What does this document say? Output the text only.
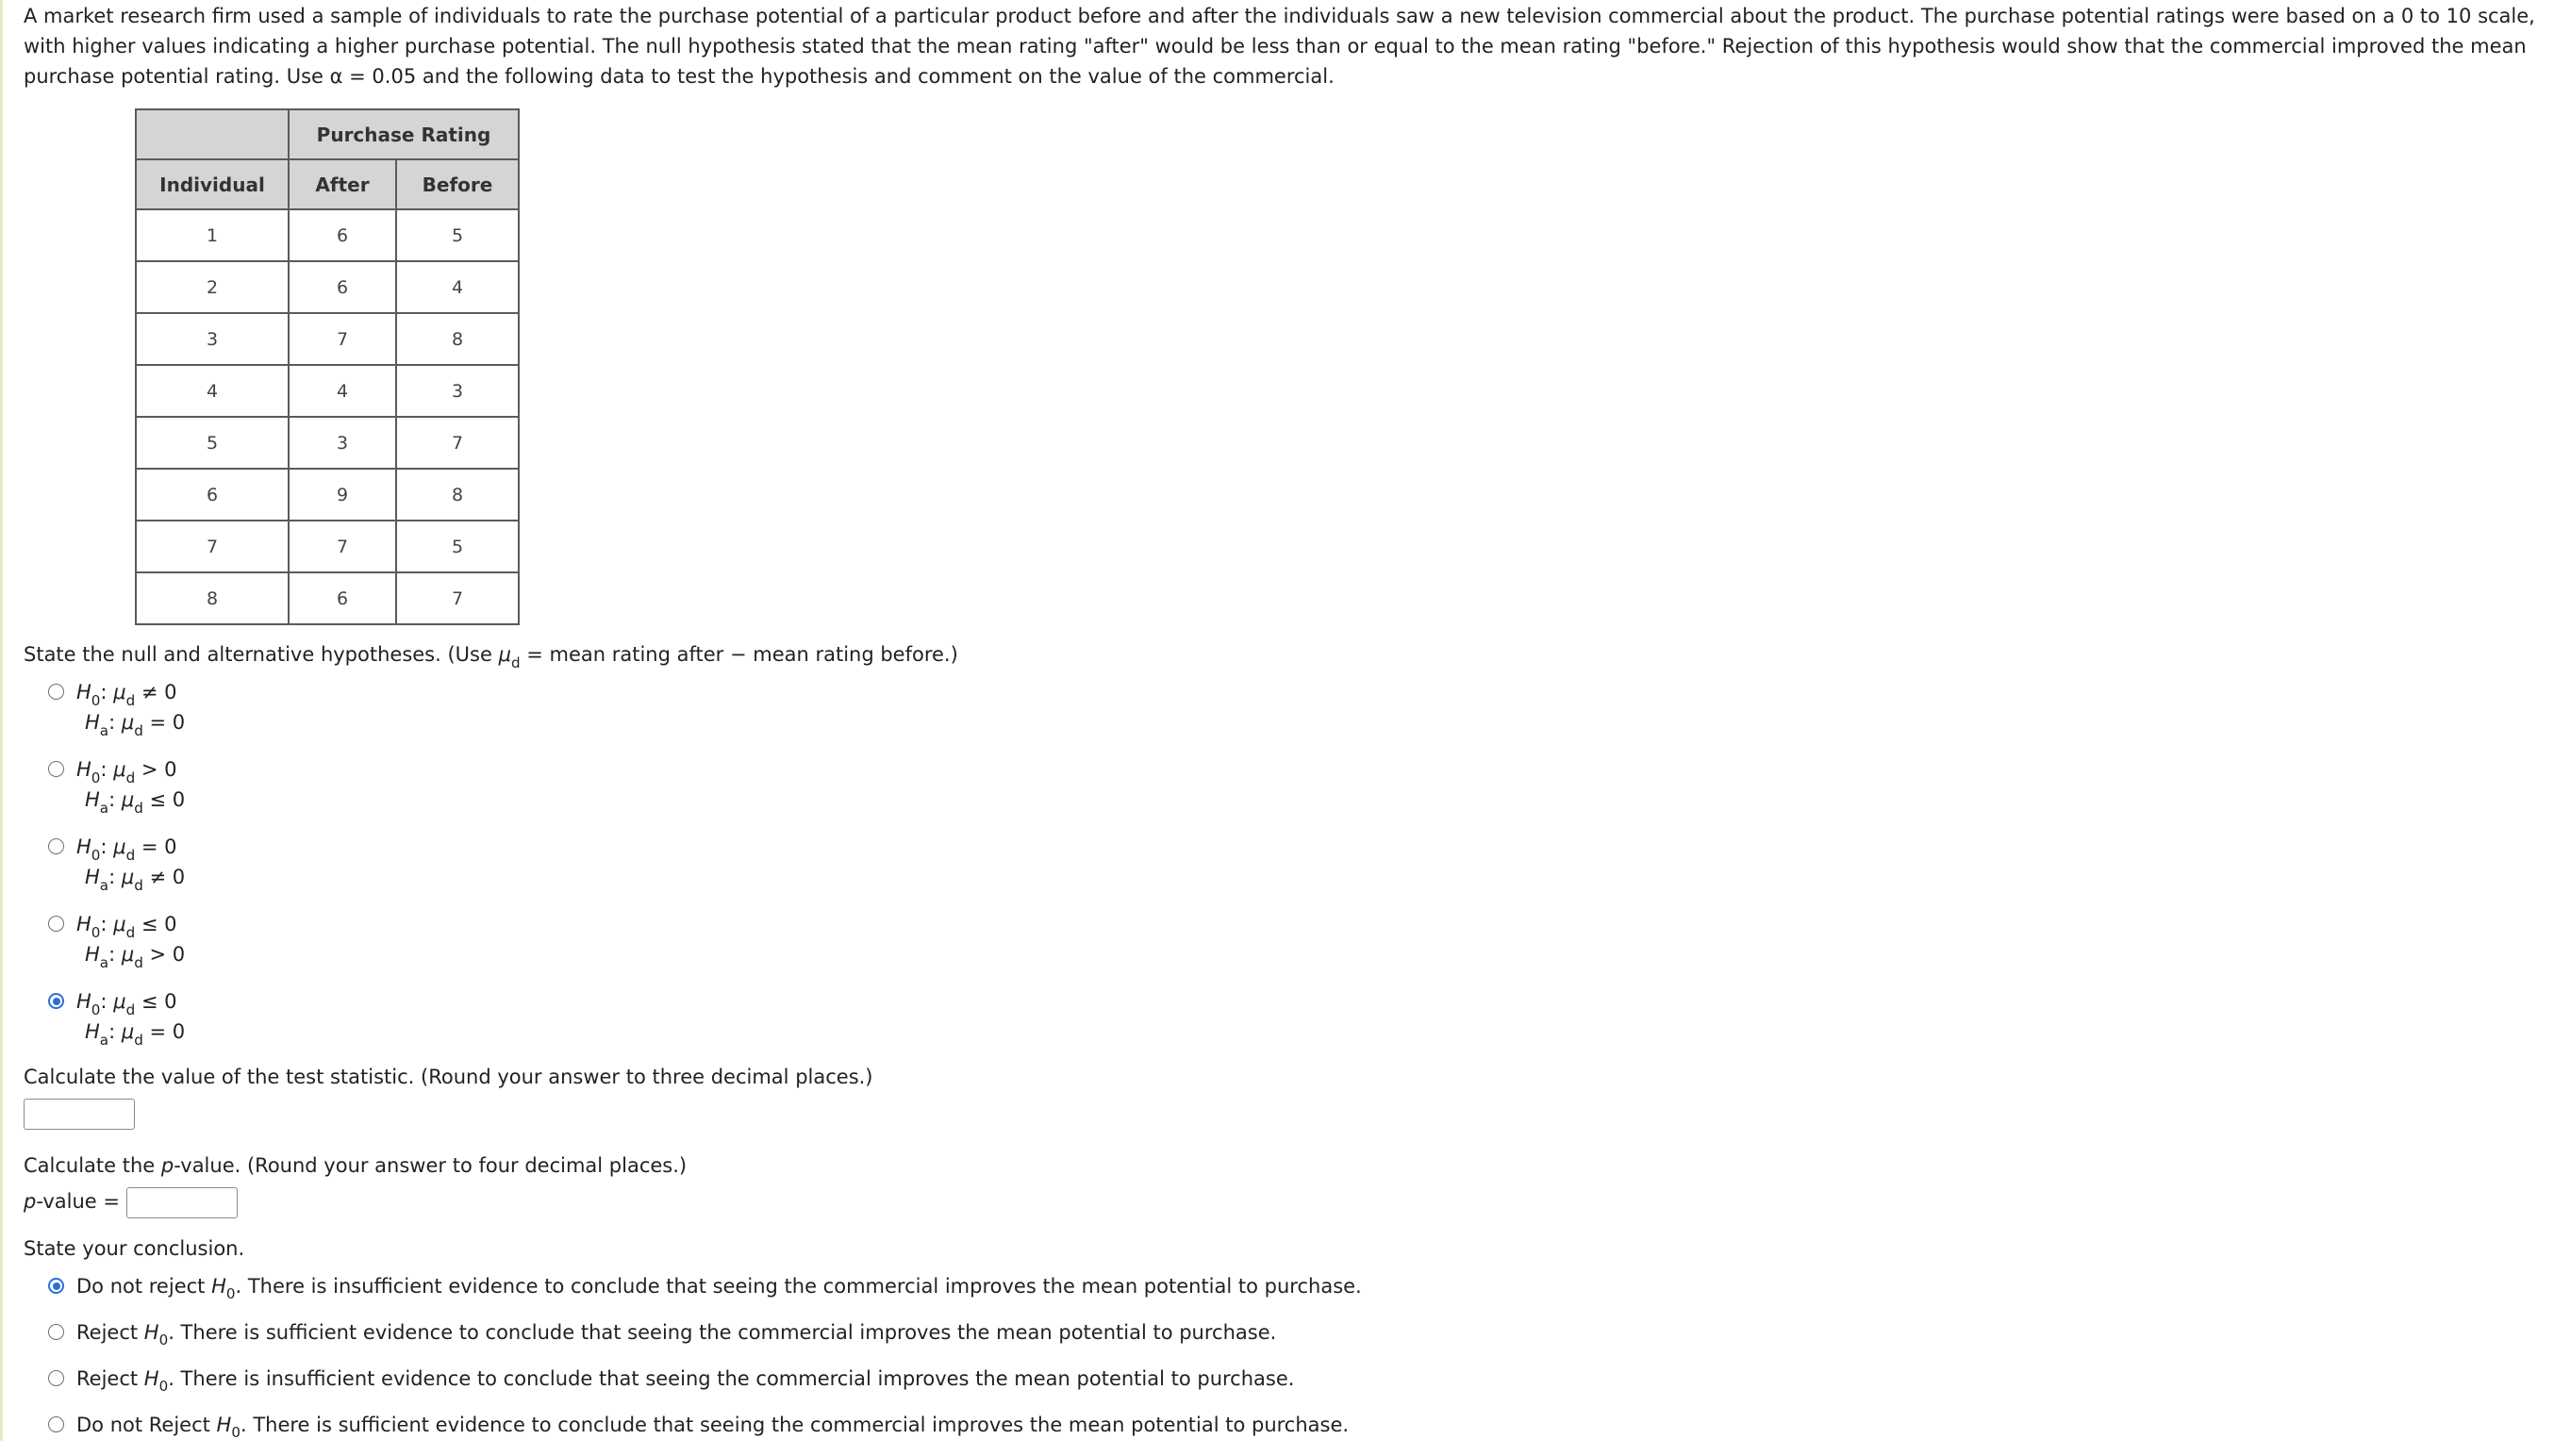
A market research firm used a sample of individuals to rate the purchase potential of a particular product before and after the individuals saw a new television commercial about the product. The purchase potential ratings were based on a 0 to 10 scale, with higher values indicating a higher purchase potential. The null hypothesis stated that the mean rating "after" would be less than or equal to the mean rating "before." Rejection of this hypothesis would show that the commercial improved the mean purchase potential rating. Use α = 0.05 and the following data to test the hypothesis and comment on the value of the commercial.

	Purchase Rating	
Individual	After	Before
1	6	5
2	6	4
3	7	8
4	4	3
5	3	7
6	9	8
7	7	5
8	6	7

State the null and alternative hypotheses. (Use $\mu_d$ = mean rating after − mean rating before.)

$H_0$: $\mu_d \ne 0$
$H_a$: $\mu_d = 0$
$H_0$: $\mu_d > 0$
$H_a$: $\mu_d \le 0$
$H_0$: $\mu_d = 0$
$H_a$: $\mu_d \ne 0$
$H_0$: $\mu_d \le 0$
$H_a$: $\mu_d > 0$
$H_0$: $\mu_d \le 0$
$H_a$: $\mu_d = 0$

Calculate the value of the test statistic. (Round your answer to three decimal places.)

Calculate the p-value. (Round your answer to four decimal places.)

p-value =

State your conclusion.

Do not reject $H_0$. There is insufficient evidence to conclude that seeing the commercial improves the mean potential to purchase.
Reject $H_0$. There is sufficient evidence to conclude that seeing the commercial improves the mean potential to purchase.
Reject $H_0$. There is insufficient evidence to conclude that seeing the commercial improves the mean potential to purchase.
Do not Reject $H_0$. There is sufficient evidence to conclude that seeing the commercial improves the mean potential to purchase.
